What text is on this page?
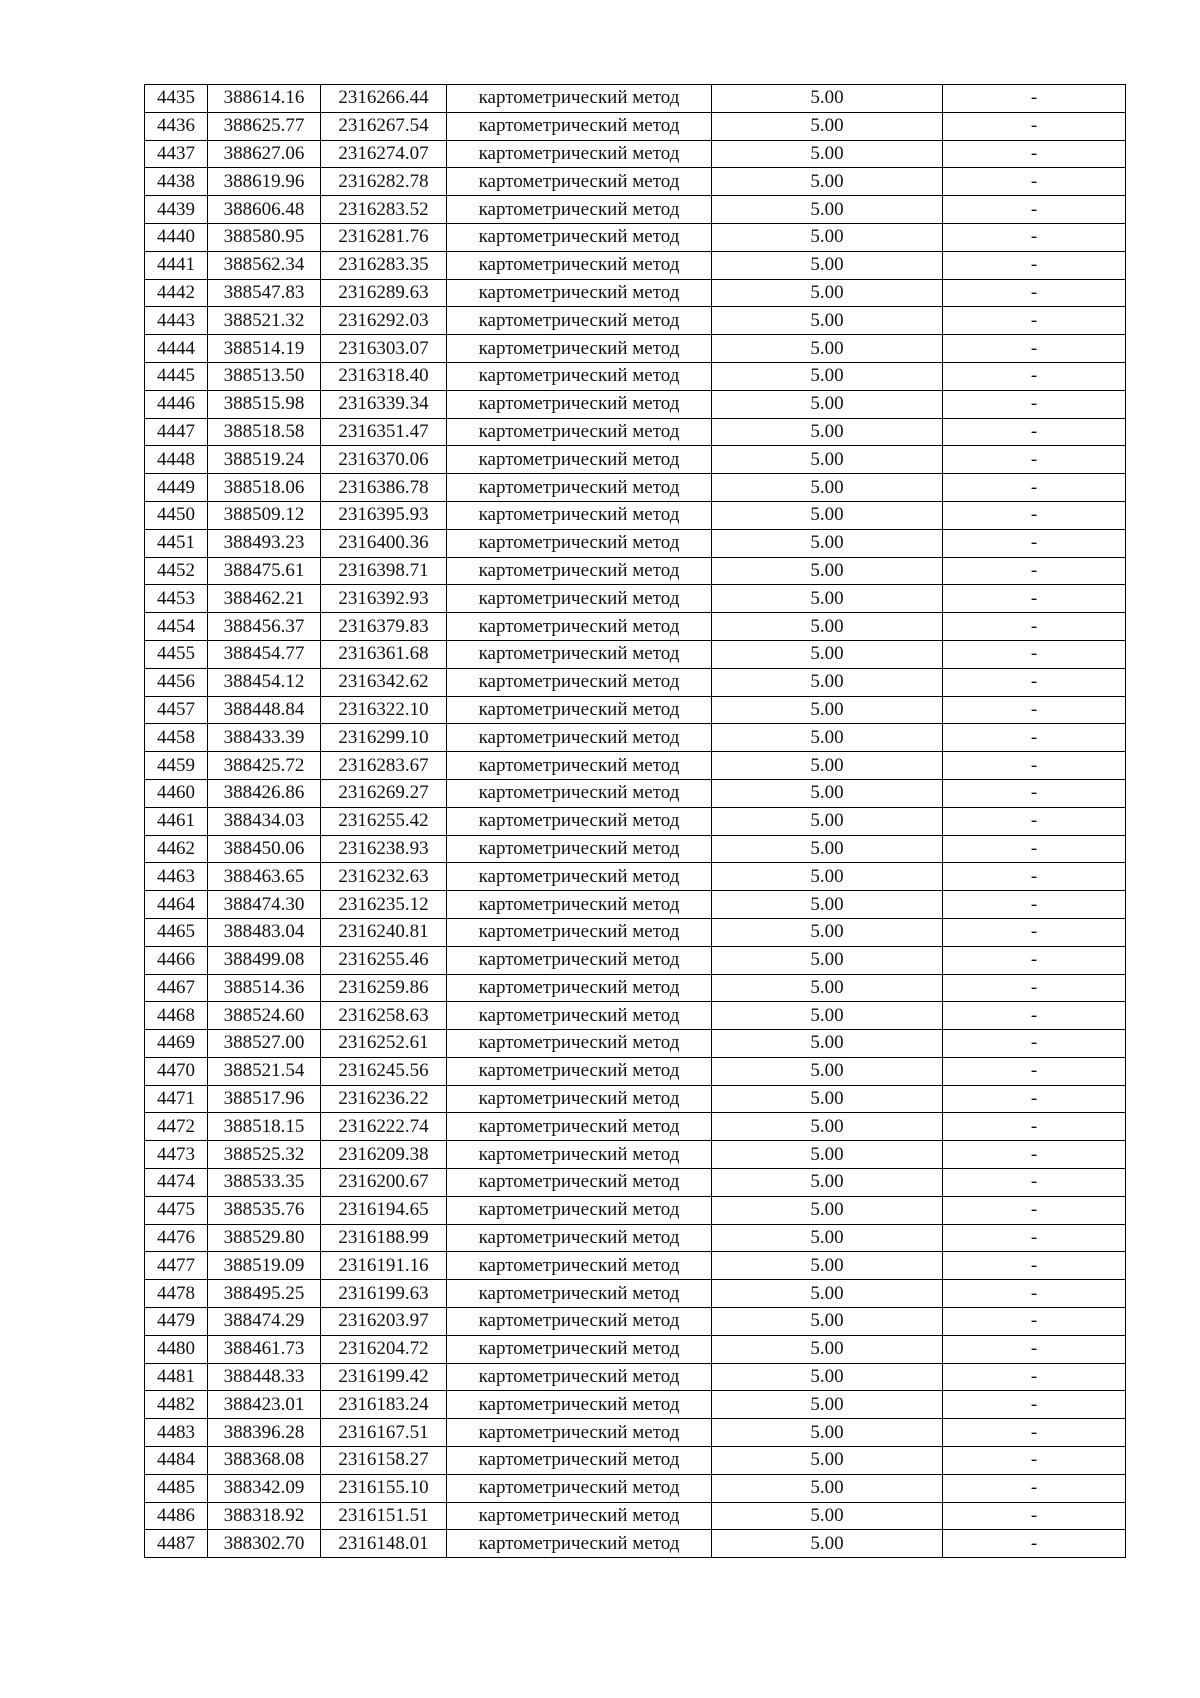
4435	388614.16	2316266.44	картометрический метод	5.00	-
4436	388625.77	2316267.54	картометрический метод	5.00	-
4437	388627.06	2316274.07	картометрический метод	5.00	-
4438	388619.96	2316282.78	картометрический метод	5.00	-
4439	388606.48	2316283.52	картометрический метод	5.00	-
4440	388580.95	2316281.76	картометрический метод	5.00	-
4441	388562.34	2316283.35	картометрический метод	5.00	-
4442	388547.83	2316289.63	картометрический метод	5.00	-
4443	388521.32	2316292.03	картометрический метод	5.00	-
4444	388514.19	2316303.07	картометрический метод	5.00	-
4445	388513.50	2316318.40	картометрический метод	5.00	-
4446	388515.98	2316339.34	картометрический метод	5.00	-
4447	388518.58	2316351.47	картометрический метод	5.00	-
4448	388519.24	2316370.06	картометрический метод	5.00	-
4449	388518.06	2316386.78	картометрический метод	5.00	-
4450	388509.12	2316395.93	картометрический метод	5.00	-
4451	388493.23	2316400.36	картометрический метод	5.00	-
4452	388475.61	2316398.71	картометрический метод	5.00	-
4453	388462.21	2316392.93	картометрический метод	5.00	-
4454	388456.37	2316379.83	картометрический метод	5.00	-
4455	388454.77	2316361.68	картометрический метод	5.00	-
4456	388454.12	2316342.62	картометрический метод	5.00	-
4457	388448.84	2316322.10	картометрический метод	5.00	-
4458	388433.39	2316299.10	картометрический метод	5.00	-
4459	388425.72	2316283.67	картометрический метод	5.00	-
4460	388426.86	2316269.27	картометрический метод	5.00	-
4461	388434.03	2316255.42	картометрический метод	5.00	-
4462	388450.06	2316238.93	картометрический метод	5.00	-
4463	388463.65	2316232.63	картометрический метод	5.00	-
4464	388474.30	2316235.12	картометрический метод	5.00	-
4465	388483.04	2316240.81	картометрический метод	5.00	-
4466	388499.08	2316255.46	картометрический метод	5.00	-
4467	388514.36	2316259.86	картометрический метод	5.00	-
4468	388524.60	2316258.63	картометрический метод	5.00	-
4469	388527.00	2316252.61	картометрический метод	5.00	-
4470	388521.54	2316245.56	картометрический метод	5.00	-
4471	388517.96	2316236.22	картометрический метод	5.00	-
4472	388518.15	2316222.74	картометрический метод	5.00	-
4473	388525.32	2316209.38	картометрический метод	5.00	-
4474	388533.35	2316200.67	картометрический метод	5.00	-
4475	388535.76	2316194.65	картометрический метод	5.00	-
4476	388529.80	2316188.99	картометрический метод	5.00	-
4477	388519.09	2316191.16	картометрический метод	5.00	-
4478	388495.25	2316199.63	картометрический метод	5.00	-
4479	388474.29	2316203.97	картометрический метод	5.00	-
4480	388461.73	2316204.72	картометрический метод	5.00	-
4481	388448.33	2316199.42	картометрический метод	5.00	-
4482	388423.01	2316183.24	картометрический метод	5.00	-
4483	388396.28	2316167.51	картометрический метод	5.00	-
4484	388368.08	2316158.27	картометрический метод	5.00	-
4485	388342.09	2316155.10	картометрический метод	5.00	-
4486	388318.92	2316151.51	картометрический метод	5.00	-
4487	388302.70	2316148.01	картометрический метод	5.00	-
